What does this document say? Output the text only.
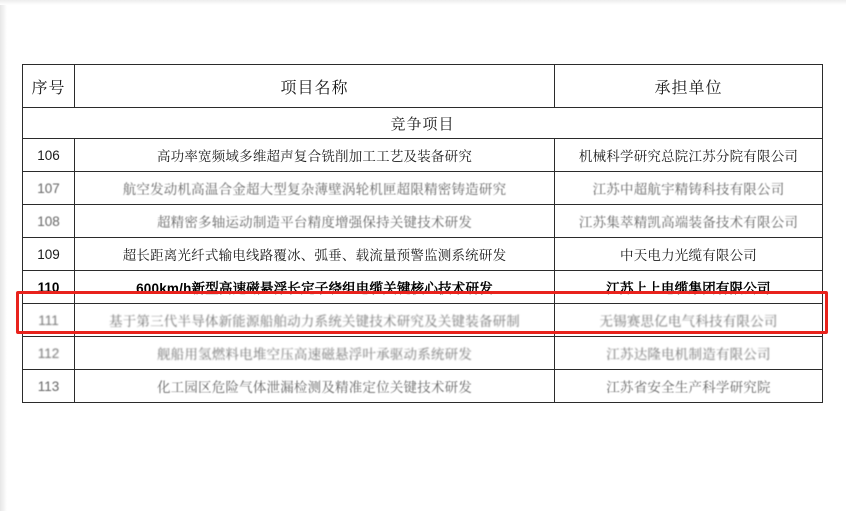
序号	项目名称	承担单位
竞争项目		
106	高功率宽频域多维超声复合铣削加工工艺及装备研究	机械科学研究总院江苏分院有限公司
107	航空发动机高温合金超大型复杂薄壁涡轮机匣超限精密铸造研究	江苏中超航宇精铸科技有限公司
108	超精密多轴运动制造平台精度增强保持关键技术研发	江苏集萃精凯高端装备技术有限公司
109	超长距离光纤式输电线路覆冰、弧垂、载流量预警监测系统研发	中天电力光缆有限公司
110	600km/h新型高速磁悬浮长定子绕组电缆关键核心技术研发	江苏上上电缆集团有限公司
111	基于第三代半导体新能源船舶动力系统关键技术研究及关键装备研制	无锡赛思亿电气科技有限公司
112	舰船用氢燃料电堆空压高速磁悬浮叶承驱动系统研发	江苏达隆电机制造有限公司
113	化工园区危险气体泄漏检测及精准定位关键技术研发	江苏省安全生产科学研究院
